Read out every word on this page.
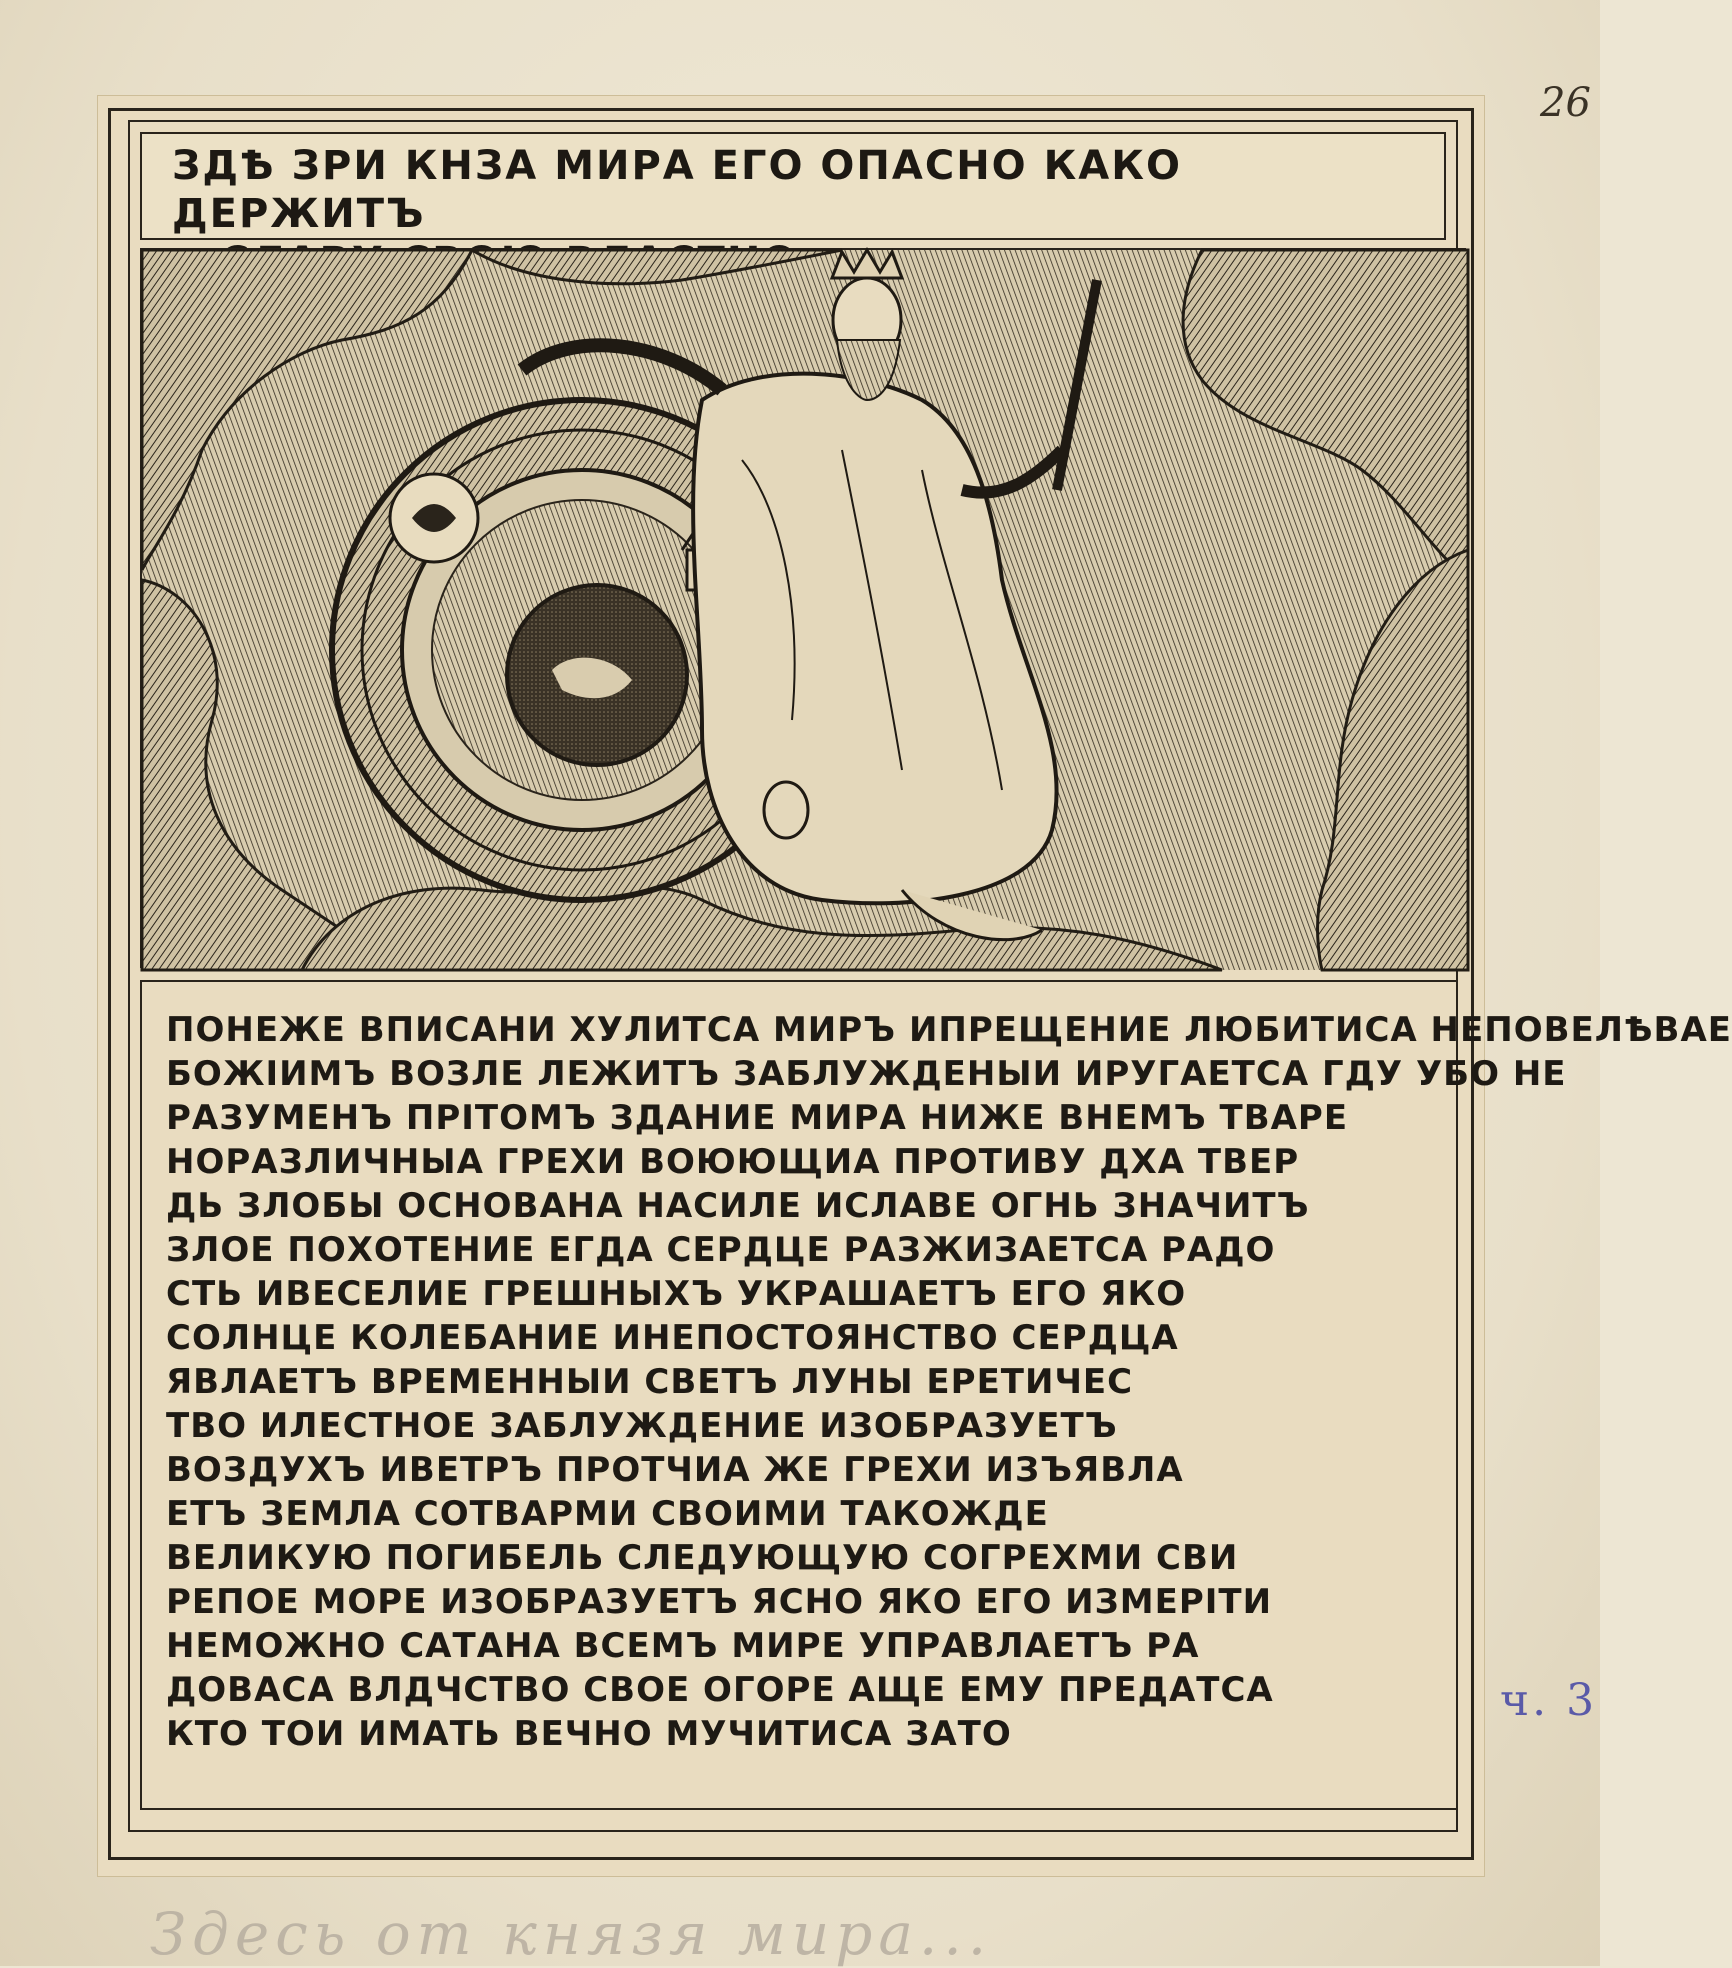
26
ч. 3
Здесь от князя мира...
ЗДѢ ЗРИ КНЗА МИРА ЕГО ОПАСНО КАКО ДЕРЖИТЪ
ПОНЕЖЕ ВПИСАНИ ХУЛИТСА МИРЪ ИПРЕЩЕНИЕ ЛЮБИТИСА НЕПОВЕЛѢВАЕ
БОЖІИМЪ ВОЗЛЕ ЛЕЖИТЪ ЗАБЛУЖДЕНЫИ ИРУГАЕТСА ГДУ УБО НЕ
РАЗУМЕНЪ ПРІТОМЪ ЗДАНИЕ МИРА НИЖЕ ВНЕМЪ ТВАРЕ
НОРАЗЛИЧНЫА ГРЕХИ ВОЮЮЩИА ПРОТИВУ ДХА ТВЕР
ДЬ ЗЛОБЫ ОСНОВАНА НАСИЛЕ ИСЛАВЕ ОГНЬ ЗНАЧИТЪ
ЗЛОЕ ПОХОТЕНИЕ ЕГДА СЕРДЦЕ РАЗЖИЗАЕТСА РАДО
СТЬ ИВЕСЕЛИЕ ГРЕШНЫХЪ УКРАШАЕТЪ ЕГО ЯКО
СОЛНЦЕ КОЛЕБАНИЕ ИНЕПОСТОЯНСТВО СЕРДЦА
ЯВЛАЕТЪ ВРЕМЕННЫИ СВЕТЪ ЛУНЫ ЕРЕТИЧЕС
ТВО ИЛЕСТНОЕ ЗАБЛУЖДЕНИЕ ИЗОБРАЗУЕТЪ
ВОЗДУХЪ ИВЕТРЪ ПРОТЧИА ЖЕ ГРЕХИ ИЗЪЯВЛА
ЕТЪ ЗЕМЛА СОТВАРМИ СВОИМИ ТАКОЖДЕ
ВЕЛИКУЮ ПОГИБЕЛЬ СЛЕДУЮЩУЮ СОГРЕХМИ СВИ
РЕПОЕ МОРЕ ИЗОБРАЗУЕТЪ ЯСНО ЯКО ЕГО ИЗМЕРІТИ
НЕМОЖНО САТАНА ВСЕМЪ МИРЕ УПРАВЛАЕТЪ РА
ДОВАСА ВЛДЧСТВО СВОЕ ОГОРЕ АЩЕ ЕМУ ПРЕДАТСА
КТО ТОИ ИМАТЬ ВЕЧНО МУЧИТИСА ЗАТО
